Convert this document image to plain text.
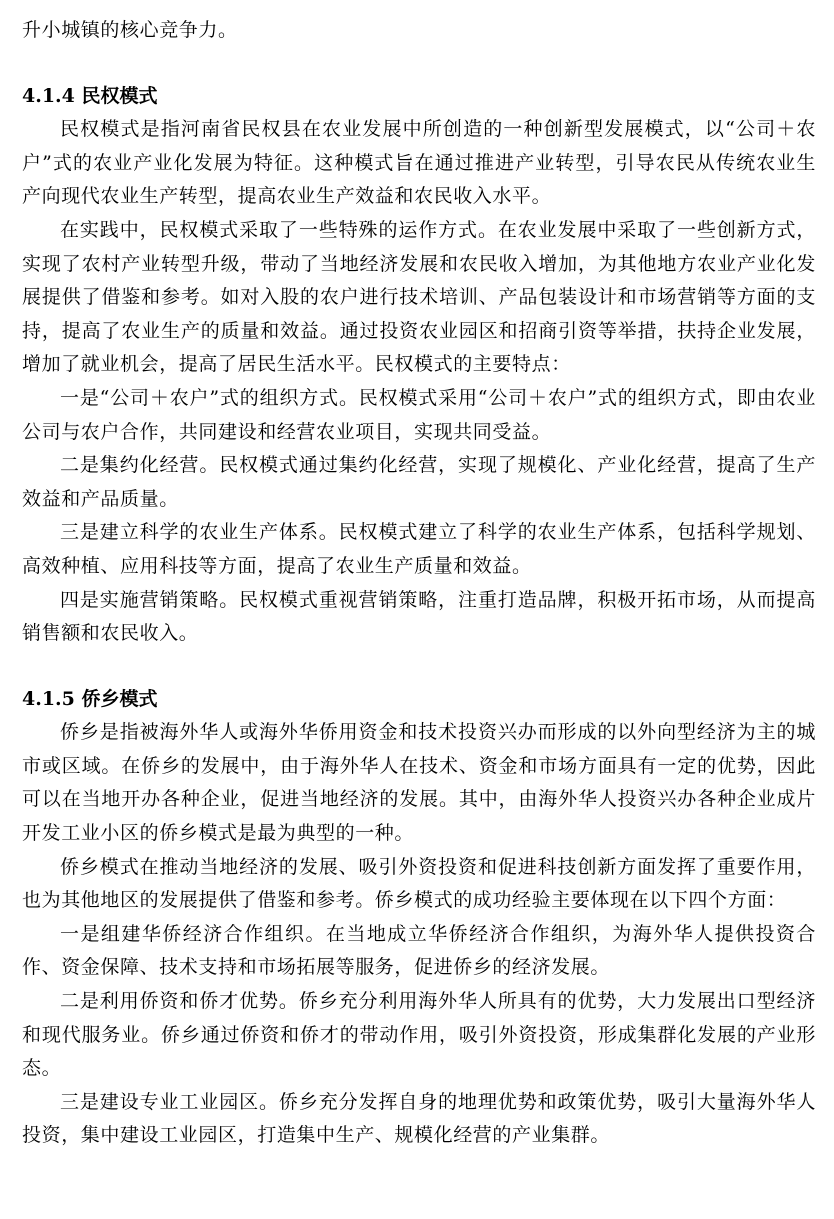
升小城镇的核心竞争力。

4.1.4 民权模式

民权模式是指河南省民权县在农业发展中所创造的一种创新型发展模式，以“公司＋农户”式的农业产业化发展为特征。这种模式旨在通过推进产业转型，引导农民从传统农业生产向现代农业生产转型，提高农业生产效益和农民收入水平。

在实践中，民权模式采取了一些特殊的运作方式。在农业发展中采取了一些创新方式，实现了农村产业转型升级，带动了当地经济发展和农民收入增加，为其他地方农业产业化发展提供了借鉴和参考。如对入股的农户进行技术培训、产品包装设计和市场营销等方面的支持，提高了农业生产的质量和效益。通过投资农业园区和招商引资等举措，扶持企业发展，增加了就业机会，提高了居民生活水平。民权模式的主要特点：

一是“公司＋农户”式的组织方式。民权模式采用“公司＋农户”式的组织方式，即由农业公司与农户合作，共同建设和经营农业项目，实现共同受益。

二是集约化经营。民权模式通过集约化经营，实现了规模化、产业化经营，提高了生产效益和产品质量。

三是建立科学的农业生产体系。民权模式建立了科学的农业生产体系，包括科学规划、高效种植、应用科技等方面，提高了农业生产质量和效益。

四是实施营销策略。民权模式重视营销策略，注重打造品牌，积极开拓市场，从而提高销售额和农民收入。

4.1.5 侨乡模式

侨乡是指被海外华人或海外华侨用资金和技术投资兴办而形成的以外向型经济为主的城市或区域。在侨乡的发展中，由于海外华人在技术、资金和市场方面具有一定的优势，因此可以在当地开办各种企业，促进当地经济的发展。其中，由海外华人投资兴办各种企业成片开发工业小区的侨乡模式是最为典型的一种。

侨乡模式在推动当地经济的发展、吸引外资投资和促进科技创新方面发挥了重要作用，也为其他地区的发展提供了借鉴和参考。侨乡模式的成功经验主要体现在以下四个方面：

一是组建华侨经济合作组织。在当地成立华侨经济合作组织，为海外华人提供投资合作、资金保障、技术支持和市场拓展等服务，促进侨乡的经济发展。

二是利用侨资和侨才优势。侨乡充分利用海外华人所具有的优势，大力发展出口型经济和现代服务业。侨乡通过侨资和侨才的带动作用，吸引外资投资，形成集群化发展的产业形态。

三是建设专业工业园区。侨乡充分发挥自身的地理优势和政策优势，吸引大量海外华人投资，集中建设工业园区，打造集中生产、规模化经营的产业集群。
